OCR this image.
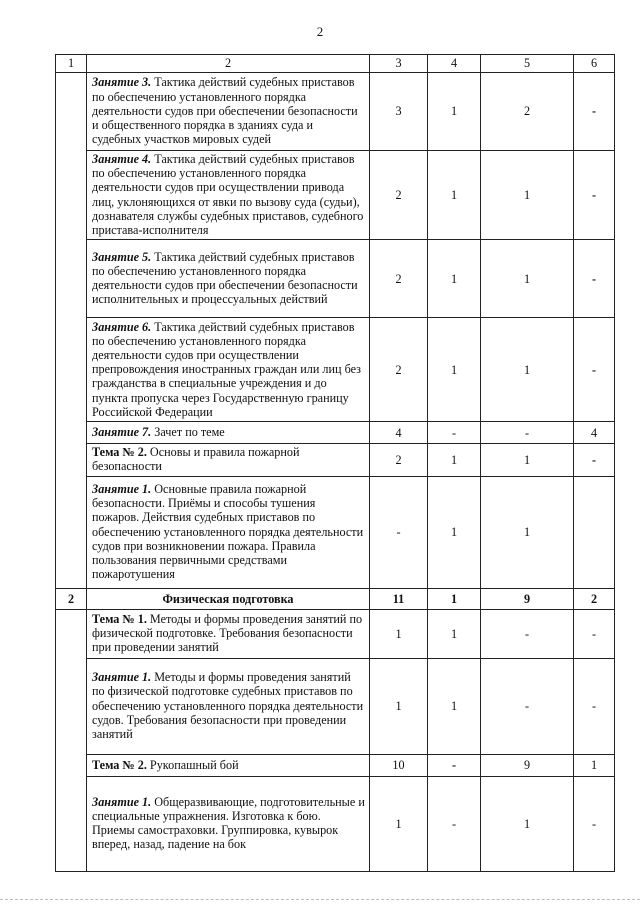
2
1	2	3	4	5	6
	Занятие 3. Тактика действий судебных приставов по обеспечению установленного порядка деятельности судов при обеспечении безопасности и общественного порядка в зданиях суда и судебных участков мировых судей	3	1	2	-
	Занятие 4. Тактика действий судебных приставов по обеспечению установленного порядка деятельности судов при осуществлении привода лиц, уклоняющихся от явки по вызову суда (судьи), дознавателя службы судебных приставов, судебного пристава-исполнителя	2	1	1	-
	Занятие 5. Тактика действий судебных приставов по обеспечению установленного порядка деятельности судов при обеспечении безопасности исполнительных и процессуальных действий	2	1	1	-
	Занятие 6. Тактика действий судебных приставов по обеспечению установленного порядка деятельности судов при осуществлении препровождения иностранных граждан или лиц без гражданства в специальные учреждения и до пункта пропуска через Государственную границу Российской Федерации	2	1	1	-
	Занятие 7. Зачет по теме	4	-	-	4
	Тема № 2. Основы и правила пожарной безопасности	2	1	1	-
	Занятие 1. Основные правила пожарной безопасности. Приёмы и способы тушения пожаров. Действия судебных приставов по обеспечению установленного порядка деятельности судов при возникновении пожара. Правила пользования первичными средствами пожаротушения	-	1	1	
2	Физическая подготовка	11	1	9	2
	Тема № 1. Методы и формы проведения занятий по физической подготовке. Требования безопасности при проведении занятий	1	1	-	-
	Занятие 1. Методы и формы проведения занятий по физической подготовке судебных приставов по обеспечению установленного порядка деятельности судов. Требования безопасности при проведении занятий	1	1	-	-
	Тема № 2. Рукопашный бой	10	-	9	1
	Занятие 1. Общеразвивающие, подготовительные и специальные упражнения. Изготовка к бою. Приемы самостраховки. Группировка, кувырок вперед, назад, падение на бок	1	-	1	-
